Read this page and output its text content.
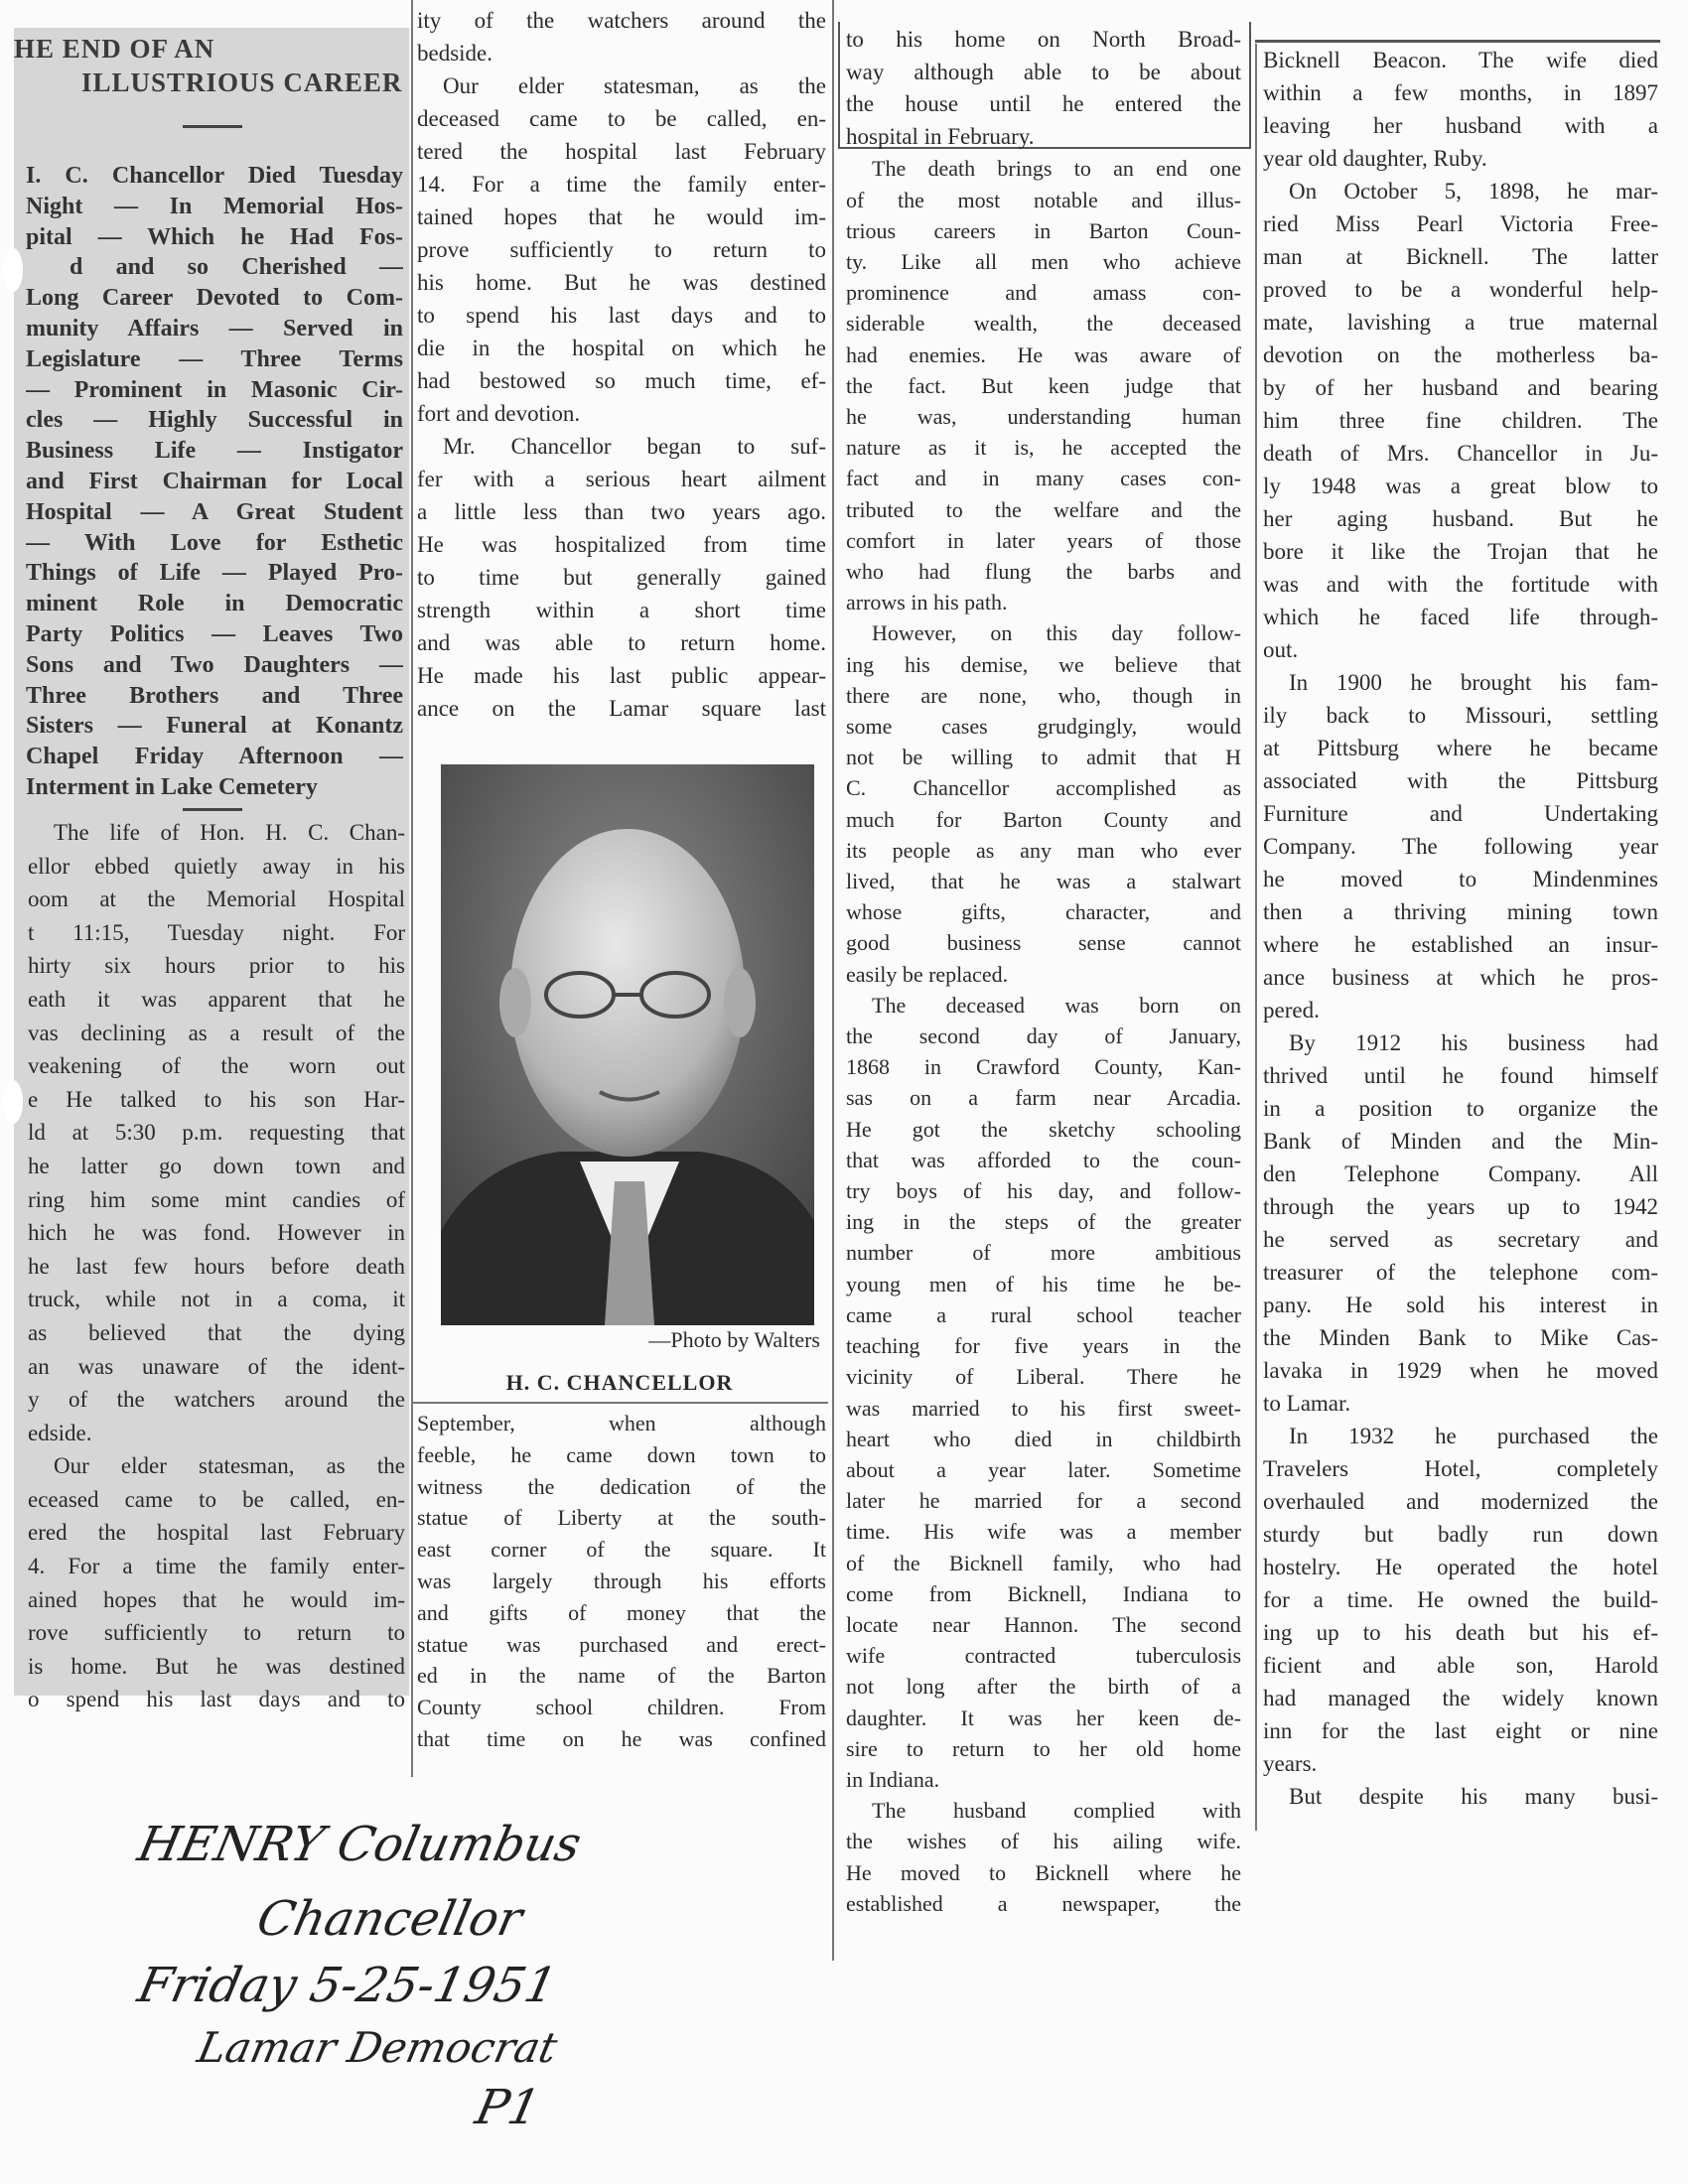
HE END OF AN
ILLUSTRIOUS CAREER
I. C. Chancellor Died Tuesday
Night — In Memorial Hos-
pital — Which he Had Fos-
d and so Cherished —
Long Career Devoted to Com-
munity Affairs — Served in
Legislature — Three Terms
— Prominent in Masonic Cir-
cles — Highly Successful in
Business Life — Instigator
and First Chairman for Local
Hospital — A Great Student
— With Love for Esthetic
Things of Life — Played Pro-
minent Role in Democratic
Party Politics — Leaves Two
Sons and Two Daughters —
Three Brothers and Three
Sisters — Funeral at Konantz
Chapel Friday Afternoon —
Interment in Lake Cemetery
The life of Hon. H. C. Chan-
ellor ebbed quietly away in his
oom at the Memorial Hospital
t 11:15, Tuesday night. For
hirty six hours prior to his
eath it was apparent that he
vas declining as a result of the
veakening of the worn out
e He talked to his son Har-
ld at 5:30 p.m. requesting that
he latter go down town and
ring him some mint candies of
hich he was fond. However in
he last few hours before death
truck, while not in a coma, it
as believed that the dying
an was unaware of the ident-
y of the watchers around the
edside.
Our elder statesman, as the
eceased came to be called, en-
ered the hospital last February
4. For a time the family enter-
ained hopes that he would im-
rove sufficiently to return to
is home. But he was destined
o spend his last days and to
ity of the watchers around the
bedside.
Our elder statesman, as the
deceased came to be called, en-
tered the hospital last February
14. For a time the family enter-
tained hopes that he would im-
prove sufficiently to return to
his home. But he was destined
to spend his last days and to
die in the hospital on which he
had bestowed so much time, ef-
fort and devotion.
Mr. Chancellor began to suf-
fer with a serious heart ailment
a little less than two years ago.
He was hospitalized from time
to time but generally gained
strength within a short time
and was able to return home.
He made his last public appear-
ance on the Lamar square last
—Photo by Walters
H. C. CHANCELLOR
September, when although
feeble, he came down town to
witness the dedication of the
statue of Liberty at the south-
east corner of the square. It
was largely through his efforts
and gifts of money that the
statue was purchased and erect-
ed in the name of the Barton
County school children. From
that time on he was confined
to his home on North Broad-
way although able to be about
the house until he entered the
hospital in February.
The death brings to an end one
of the most notable and illus-
trious careers in Barton Coun-
ty. Like all men who achieve
prominence and amass con-
siderable wealth, the deceased
had enemies. He was aware of
the fact. But keen judge that
he was, understanding human
nature as it is, he accepted the
fact and in many cases con-
tributed to the welfare and the
comfort in later years of those
who had flung the barbs and
arrows in his path.
However, on this day follow-
ing his demise, we believe that
there are none, who, though in
some cases grudgingly, would
not be willing to admit that H
C. Chancellor accomplished as
much for Barton County and
its people as any man who ever
lived, that he was a stalwart
whose gifts, character, and
good business sense cannot
easily be replaced.
The deceased was born on
the second day of January,
1868 in Crawford County, Kan-
sas on a farm near Arcadia.
He got the sketchy schooling
that was afforded to the coun-
try boys of his day, and follow-
ing in the steps of the greater
number of more ambitious
young men of his time he be-
came a rural school teacher
teaching for five years in the
vicinity of Liberal. There he
was married to his first sweet-
heart who died in childbirth
about a year later. Sometime
later he married for a second
time. His wife was a member
of the Bicknell family, who had
come from Bicknell, Indiana to
locate near Hannon. The second
wife contracted tuberculosis
not long after the birth of a
daughter. It was her keen de-
sire to return to her old home
in Indiana.
The husband complied with
the wishes of his ailing wife.
He moved to Bicknell where he
established a newspaper, the
Bicknell Beacon. The wife died
within a few months, in 1897
leaving her husband with a
year old daughter, Ruby.
On October 5, 1898, he mar-
ried Miss Pearl Victoria Free-
man at Bicknell. The latter
proved to be a wonderful help-
mate, lavishing a true maternal
devotion on the motherless ba-
by of her husband and bearing
him three fine children. The
death of Mrs. Chancellor in Ju-
ly 1948 was a great blow to
her aging husband. But he
bore it like the Trojan that he
was and with the fortitude with
which he faced life through-
out.
In 1900 he brought his fam-
ily back to Missouri, settling
at Pittsburg where he became
associated with the Pittsburg
Furniture and Undertaking
Company. The following year
he moved to Mindenmines
then a thriving mining town
where he established an insur-
ance business at which he pros-
pered.
By 1912 his business had
thrived until he found himself
in a position to organize the
Bank of Minden and the Min-
den Telephone Company. All
through the years up to 1942
he served as secretary and
treasurer of the telephone com-
pany. He sold his interest in
the Minden Bank to Mike Cas-
lavaka in 1929 when he moved
to Lamar.
In 1932 he purchased the
Travelers Hotel, completely
overhauled and modernized the
sturdy but badly run down
hostelry. He operated the hotel
for a time. He owned the build-
ing up to his death but his ef-
ficient and able son, Harold
had managed the widely known
inn for the last eight or nine
years.
But despite his many busi-
HENRY Columbus
Chancellor
Friday 5-25-1951
Lamar Democrat
P1
